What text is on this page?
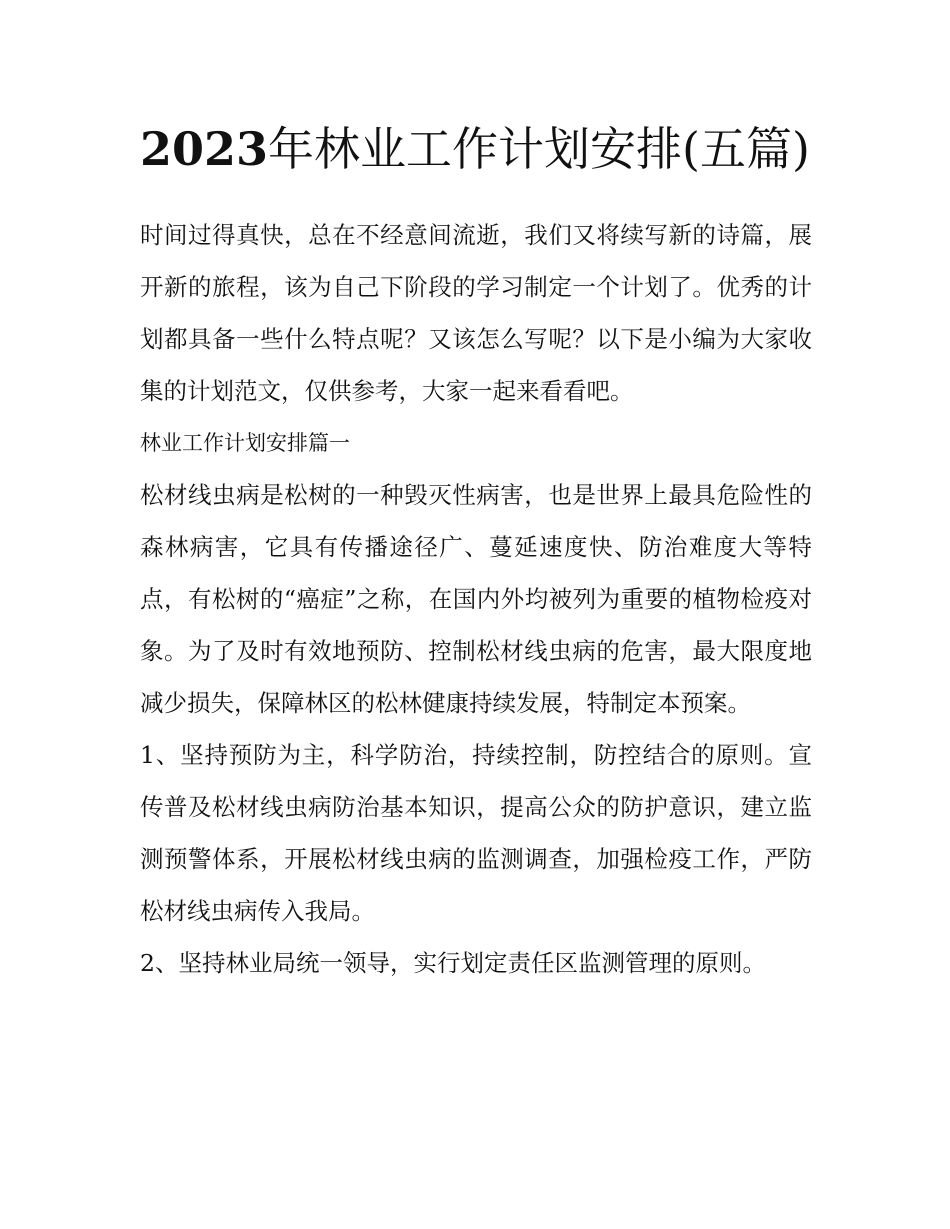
2023年林业工作计划安排(五篇)

时间过得真快，总在不经意间流逝，我们又将续写新的诗篇，展开新的旅程，该为自己下阶段的学习制定一个计划了。优秀的计划都具备一些什么特点呢？又该怎么写呢？以下是小编为大家收集的计划范文，仅供参考，大家一起来看看吧。

林业工作计划安排篇一

松材线虫病是松树的一种毁灭性病害，也是世界上最具危险性的森林病害，它具有传播途径广、蔓延速度快、防治难度大等特点，有松树的“癌症”之称，在国内外均被列为重要的植物检疫对象。为了及时有效地预防、控制松材线虫病的危害，最大限度地减少损失，保障林区的松林健康持续发展，特制定本预案。

1、坚持预防为主，科学防治，持续控制，防控结合的原则。宣传普及松材线虫病防治基本知识，提高公众的防护意识，建立监测预警体系，开展松材线虫病的监测调查，加强检疫工作，严防松材线虫病传入我局。

2、坚持林业局统一领导，实行划定责任区监测管理的原则。
